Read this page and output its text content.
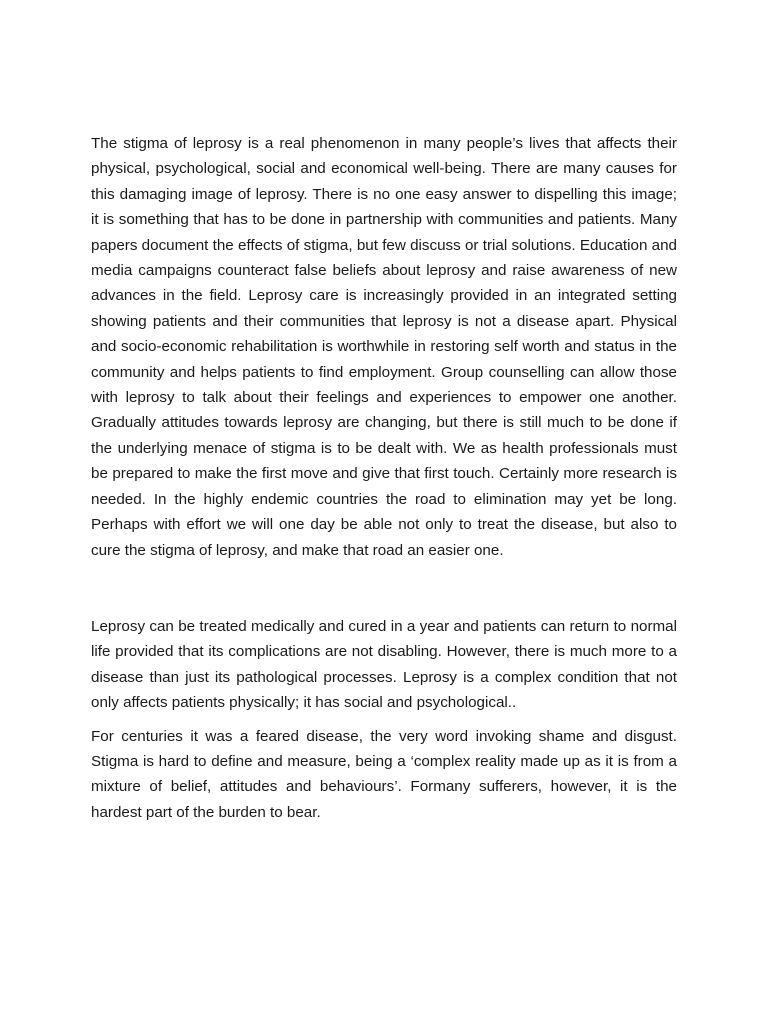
The stigma of leprosy is a real phenomenon in many people’s lives that affects their physical, psychological, social and economical well-being. There are many causes for this damaging image of leprosy. There is no one easy answer to dispelling this image; it is something that has to be done in partnership with communities and patients. Many papers document the effects of stigma, but few discuss or trial solutions. Education and media campaigns counteract false beliefs about leprosy and raise awareness of new advances in the field. Leprosy care is increasingly provided in an integrated setting showing patients and their communities that leprosy is not a disease apart. Physical and socio-economic rehabilitation is worthwhile in restoring self worth and status in the community and helps patients to find employment. Group counselling can allow those with leprosy to talk about their feelings and experiences to empower one another. Gradually attitudes towards leprosy are changing, but there is still much to be done if the underlying menace of stigma is to be dealt with. We as health professionals must be prepared to make the first move and give that first touch. Certainly more research is needed. In the highly endemic countries the road to elimination may yet be long. Perhaps with effort we will one day be able not only to treat the disease, but also to cure the stigma of leprosy, and make that road an easier one.

Leprosy can be treated medically and cured in a year and patients can return to normal life provided that its complications are not disabling. However, there is much more to a disease than just its pathological processes. Leprosy is a complex condition that not only affects patients physically; it has social and psychological..

For centuries it was a feared disease, the very word invoking shame and disgust. Stigma is hard to define and measure, being a ‘complex reality made up as it is from a mixture of belief, attitudes and behaviours’. Formany sufferers, however, it is the hardest part of the burden to bear.
